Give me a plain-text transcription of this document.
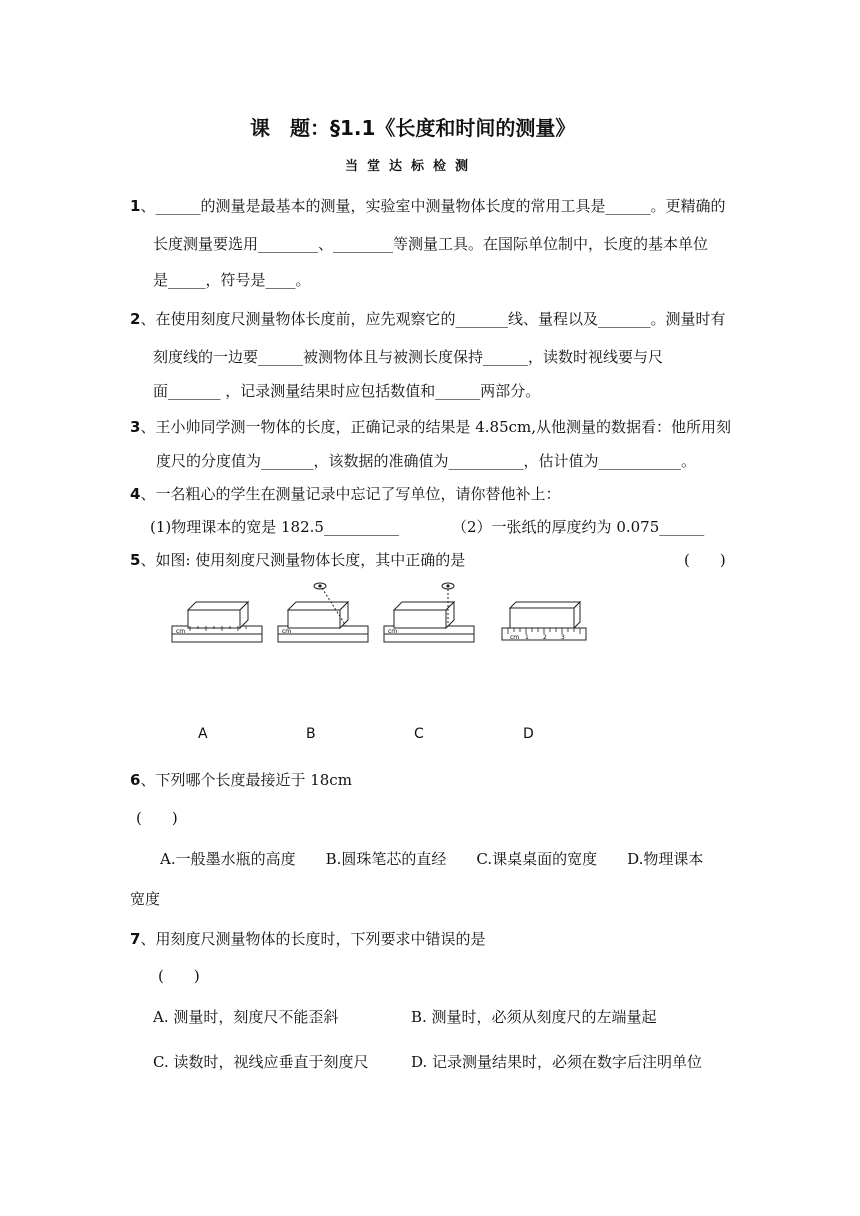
课　题：§1.1《长度和时间的测量》
当堂达标检测
1、______的测量是最基本的测量，实验室中测量物体长度的常用工具是______。更精确的
长度测量要选用________、________等测量工具。在国际单位制中，长度的基本单位
是_____，符号是____。
2、在使用刻度尺测量物体长度前，应先观察它的_______线、量程以及_______。测量时有
刻度线的一边要______被测物体且与被测长度保持______，读数时视线要与尺
面_______ ，记录测量结果时应包括数值和______两部分。
3、王小帅同学测一物体的长度，正确记录的结果是 4.85cm,从他测量的数据看：他所用刻
度尺的分度值为_______，该数据的准确值为__________，估计值为___________。
4、一名粗心的学生在测量记录中忘记了写单位，请你替他补上：
(1)物理课本的宽是 182.5__________	（2）一张纸的厚度约为 0.075______
5、如图: 使用刻度尺测量物体长度，其中正确的是	(　　)
cm	cm	cm
cm 1 2 3
A	B	C	D
6、下列哪个长度最接近于 18cm
(　　)
A.一般墨水瓶的高度　　B.圆珠笔芯的直经　　C.课桌桌面的宽度　　D.物理课本
宽度
7、用刻度尺测量物体的长度时，下列要求中错误的是
(　　)
A. 测量时，刻度尺不能歪斜	B. 测量时，必须从刻度尺的左端量起
C. 读数时，视线应垂直于刻度尺	D. 记录测量结果时，必须在数字后注明单位
